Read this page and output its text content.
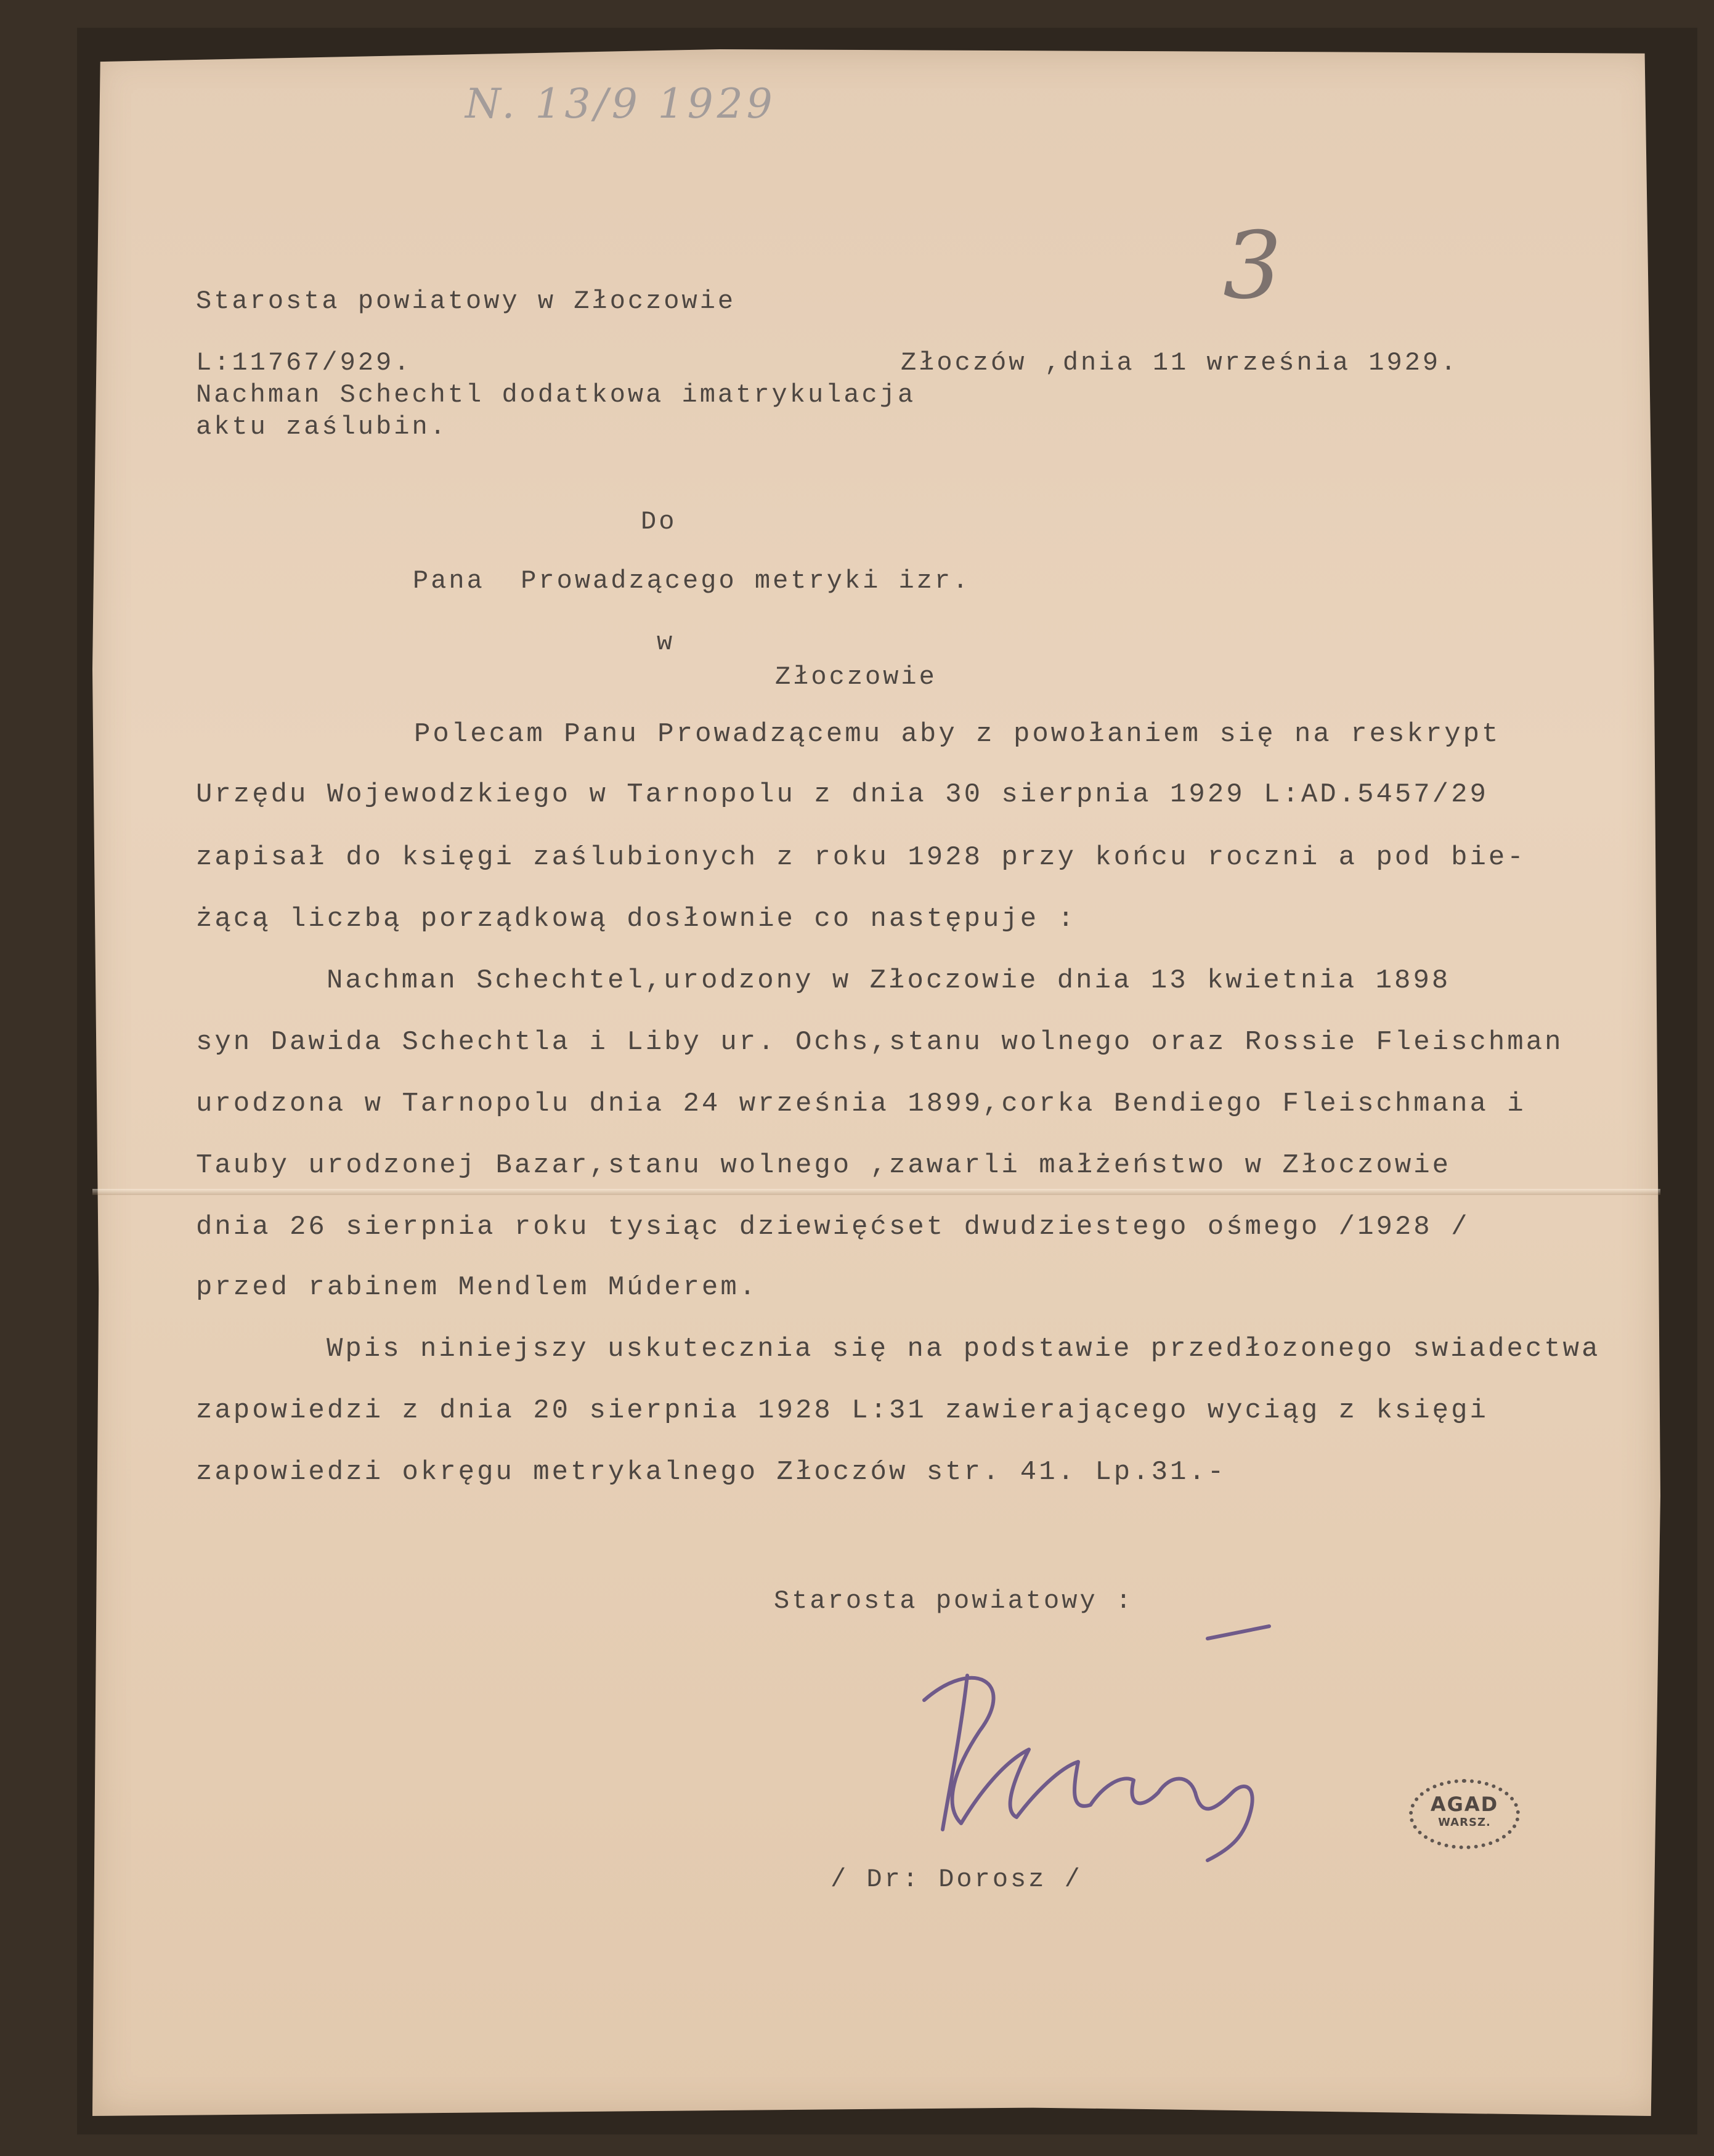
N. 13/9 1929
3
Starosta powiatowy w Złoczowie
L:11767/929.	Złoczów ,dnia 11 września 1929.
Nachman Schechtl dodatkowa imatrykulacja
aktu zaślubin.
Do
Pana  Prowadzącego metryki izr.
w
Złoczowie
Polecam Panu Prowadzącemu aby z powołaniem się na reskrypt
Urzędu Wojewodzkiego w Tarnopolu z dnia 30 sierpnia 1929 L:AD.5457/29
zapisał do księgi zaślubionych z roku 1928 przy końcu roczni a pod bie-
żącą liczbą porządkową dosłownie co następuje :
Nachman Schechtel,urodzony w Złoczowie dnia 13 kwietnia 1898
syn Dawida Schechtla i Liby ur. Ochs,stanu wolnego oraz Rossie Fleischman
urodzona w Tarnopolu dnia 24 września 1899,corka Bendiego Fleischmana i
Tauby urodzonej Bazar,stanu wolnego ,zawarli małżeństwo w Złoczowie
dnia 26 sierpnia roku tysiąc dziewięćset dwudziestego ośmego /1928 /
przed rabinem Mendlem Múderem.
Wpis niniejszy uskutecznia się na podstawie przedłozonego swiadectwa
zapowiedzi z dnia 20 sierpnia 1928 L:31 zawierającego wyciąg z księgi
zapowiedzi okręgu metrykalnego Złoczów str. 41. Lp.31.-
Starosta powiatowy :
/ Dr: Dorosz /
AGAD
WARSZ.
